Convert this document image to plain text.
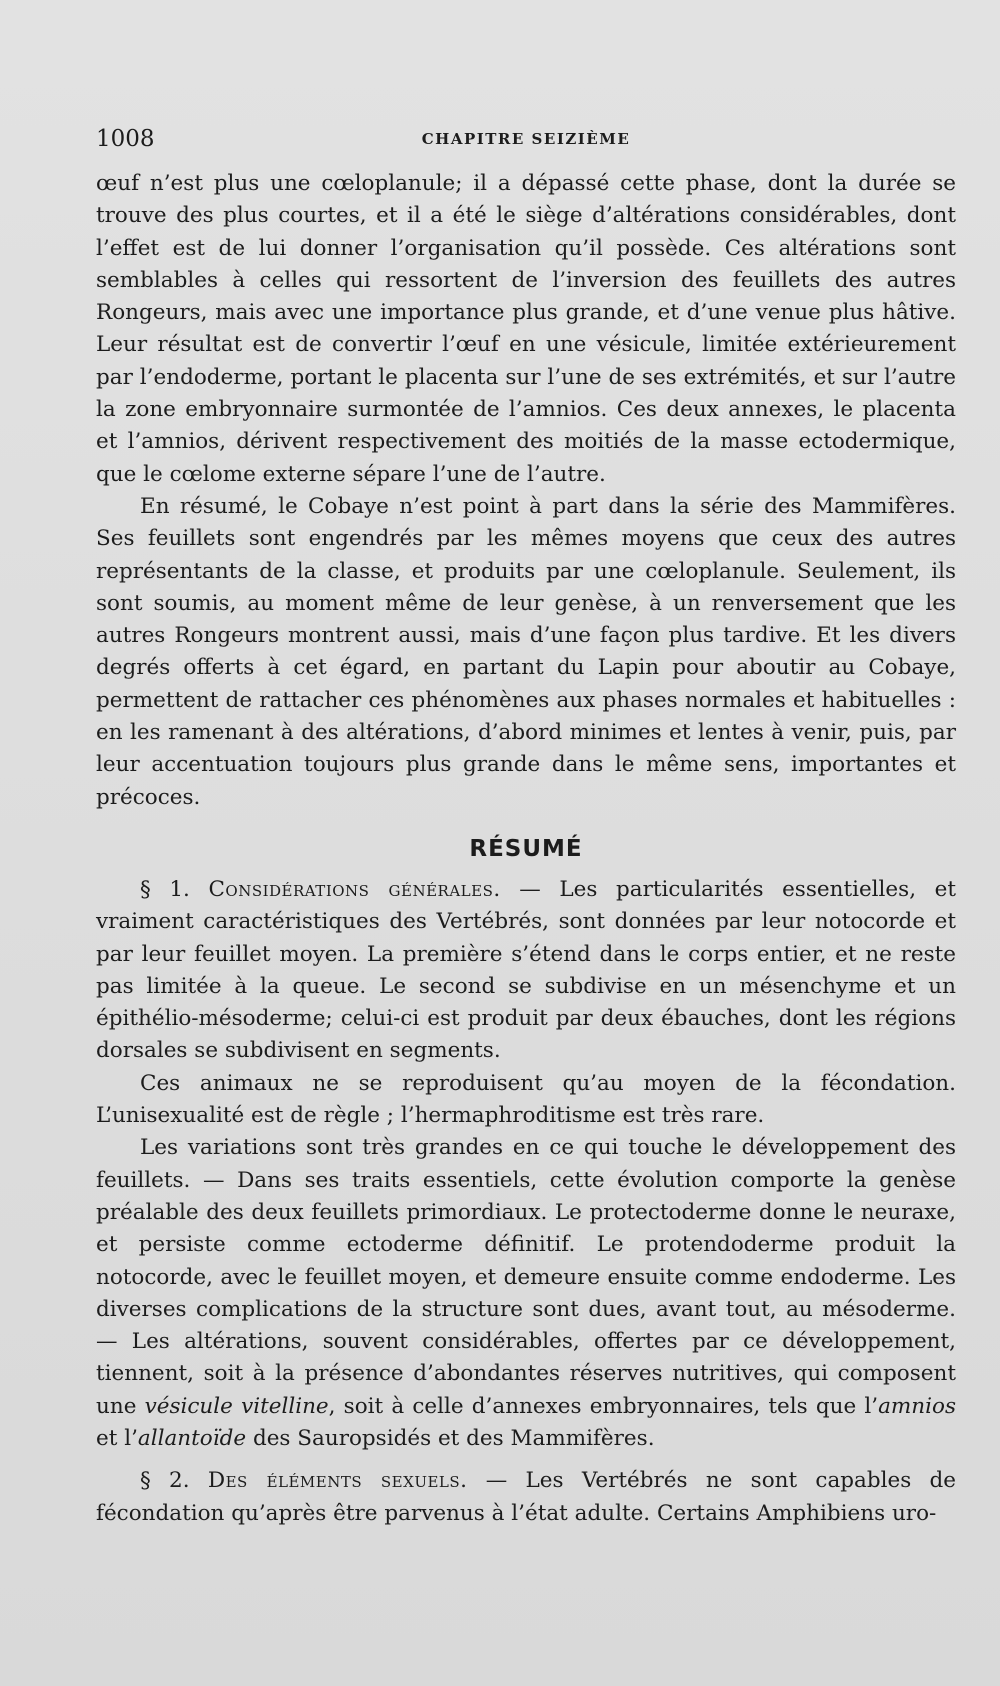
1008	CHAPITRE SEIZIÈME

œuf n’est plus une cœloplanule; il a dépassé cette phase, dont la durée se trouve des plus courtes, et il a été le siège d’altérations considérables, dont l’effet est de lui donner l’organisation qu’il possède. Ces altérations sont semblables à celles qui ressortent de l’inversion des feuillets des autres Rongeurs, mais avec une importance plus grande, et d’une venue plus hâtive. Leur résultat est de convertir l’œuf en une vésicule, limitée extérieurement par l’endoderme, portant le placenta sur l’une de ses extrémités, et sur l’autre la zone embryonnaire surmontée de l’amnios. Ces deux annexes, le placenta et l’amnios, dérivent respectivement des moitiés de la masse ectodermique, que le cœlome externe sépare l’une de l’autre.

En résumé, le Cobaye n’est point à part dans la série des Mammifères. Ses feuillets sont engendrés par les mêmes moyens que ceux des autres représentants de la classe, et produits par une cœloplanule. Seulement, ils sont soumis, au moment même de leur genèse, à un renversement que les autres Rongeurs montrent aussi, mais d’une façon plus tardive. Et les divers degrés offerts à cet égard, en partant du Lapin pour aboutir au Cobaye, permettent de rattacher ces phénomènes aux phases normales et habituelles : en les ramenant à des altérations, d’abord minimes et lentes à venir, puis, par leur accentuation toujours plus grande dans le même sens, importantes et précoces.

RÉSUMÉ

§ 1. Considérations générales. — Les particularités essentielles, et vraiment caractéristiques des Vertébrés, sont données par leur notocorde et par leur feuillet moyen. La première s’étend dans le corps entier, et ne reste pas limitée à la queue. Le second se subdivise en un mésenchyme et un épithélio-mésoderme; celui-ci est produit par deux ébauches, dont les régions dorsales se subdivisent en segments.

Ces animaux ne se reproduisent qu’au moyen de la fécondation. L’unisexualité est de règle ; l’hermaphroditisme est très rare.

Les variations sont très grandes en ce qui touche le développement des feuillets. — Dans ses traits essentiels, cette évolution comporte la genèse préalable des deux feuillets primordiaux. Le protectoderme donne le neuraxe, et persiste comme ectoderme définitif. Le protendoderme produit la notocorde, avec le feuillet moyen, et demeure ensuite comme endoderme. Les diverses complications de la structure sont dues, avant tout, au mésoderme. — Les altérations, souvent considérables, offertes par ce développement, tiennent, soit à la présence d’abondantes réserves nutritives, qui composent une vésicule vitelline, soit à celle d’annexes embryonnaires, tels que l’amnios et l’allantoïde des Sauropsidés et des Mammifères.

§ 2. Des éléments sexuels. — Les Vertébrés ne sont capables de fécondation qu’après être parvenus à l’état adulte. Certains Amphibiens uro-
